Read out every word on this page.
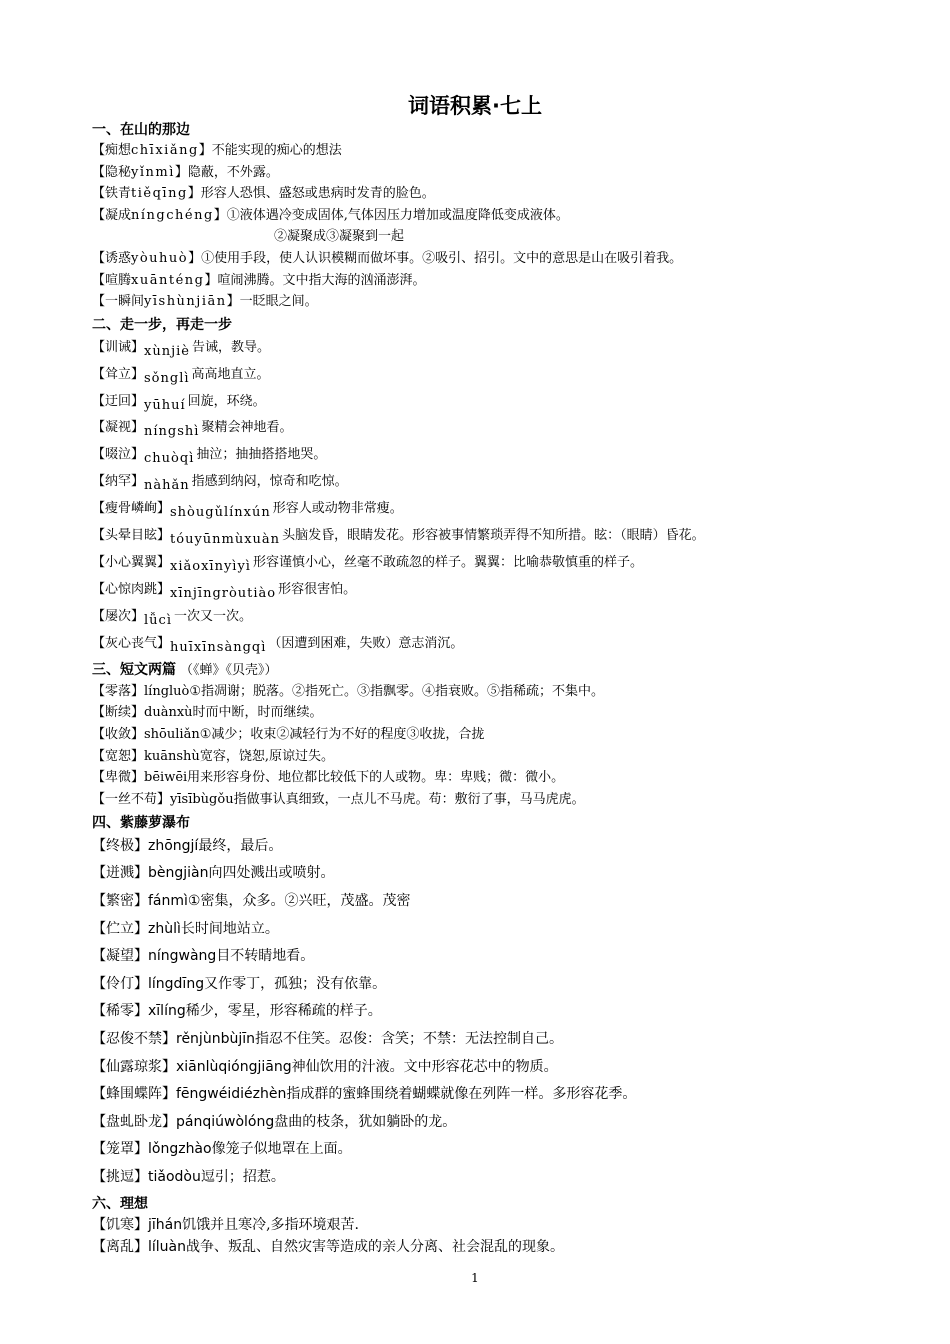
词语积累·七上
一、在山的那边
【痴想chīxiǎng】不能实现的痴心的想法
【隐秘yǐnmì】隐蔽，不外露。
【铁青tiěqīng】形容人恐惧、盛怒或患病时发青的脸色。
【凝成níngchéng】①液体遇冷变成固体,气体因压力增加或温度降低变成液体。
②凝聚成③凝聚到一起
【诱惑yòuhuò】①使用手段，使人认识模糊而做坏事。②吸引、招引。文中的意思是山在吸引着我。
【喧腾xuānténg】喧闹沸腾。文中指大海的汹涌澎湃。
【一瞬间yīshùnjiān】一眨眼之间。
二、走一步，再走一步
【训诫】xùnjiè 告诫，教导。
【耸立】sǒnglì 高高地直立。
【迂回】yūhuí 回旋，环绕。
【凝视】níngshì 聚精会神地看。
【啜泣】chuòqì 抽泣；抽抽搭搭地哭。
【纳罕】nàhǎn 指感到纳闷，惊奇和吃惊。
【瘦骨嶙峋】shòugǔlínxún 形容人或动物非常瘦。
【头晕目眩】tóuyūnmùxuàn 头脑发昏，眼睛发花。形容被事情繁琐弄得不知所措。眩：（眼睛）昏花。
【小心翼翼】xiǎoxīnyìyì 形容谨慎小心，丝毫不敢疏忽的样子。翼翼：比喻恭敬慎重的样子。
【心惊肉跳】xīnjīngròutiào 形容很害怕。
【屡次】lǚcì 一次又一次。
【灰心丧气】huīxīnsàngqì （因遭到困难，失败）意志消沉。
三、短文两篇 （《蝉》《贝壳》）
【零落】língluò①指凋谢；脱落。②指死亡。③指飘零。④指衰败。⑤指稀疏；不集中。
【断续】duànxù时而中断，时而继续。
【收敛】shōuliǎn①减少；收束②减轻行为不好的程度③收拢，合拢
【宽恕】kuānshù宽容，饶恕,原谅过失。
【卑微】bēiwēi用来形容身份、地位都比较低下的人或物。卑：卑贱；微：微小。
【一丝不苟】yīsībùgǒu指做事认真细致，一点儿不马虎。苟：敷衍了事，马马虎虎。
四、紫藤萝瀑布
【终极】zhōngjí最终，最后。
【迸溅】bèngjiàn向四处溅出或喷射。
【繁密】fánmì①密集，众多。②兴旺，茂盛。茂密
【伫立】zhùlì长时间地站立。
【凝望】níngwàng目不转睛地看。
【伶仃】língdīng又作零丁，孤独；没有依靠。
【稀零】xīlíng稀少，零星，形容稀疏的样子。
【忍俊不禁】rěnjùnbùjīn指忍不住笑。忍俊：含笑；不禁：无法控制自己。
【仙露琼浆】xiānlùqióngjiāng神仙饮用的汁液。文中形容花芯中的物质。
【蜂围蝶阵】fēngwéidiézhèn指成群的蜜蜂围绕着蝴蝶就像在列阵一样。多形容花季。
【盘虬卧龙】pánqiúwòlóng盘曲的枝条，犹如躺卧的龙。
【笼罩】lǒngzhào像笼子似地罩在上面。
【挑逗】tiǎodòu逗引；招惹。
六、理想
【饥寒】jīhán饥饿并且寒冷,多指环境艰苦.
【离乱】líluàn战争、叛乱、自然灾害等造成的亲人分离、社会混乱的现象。
1
